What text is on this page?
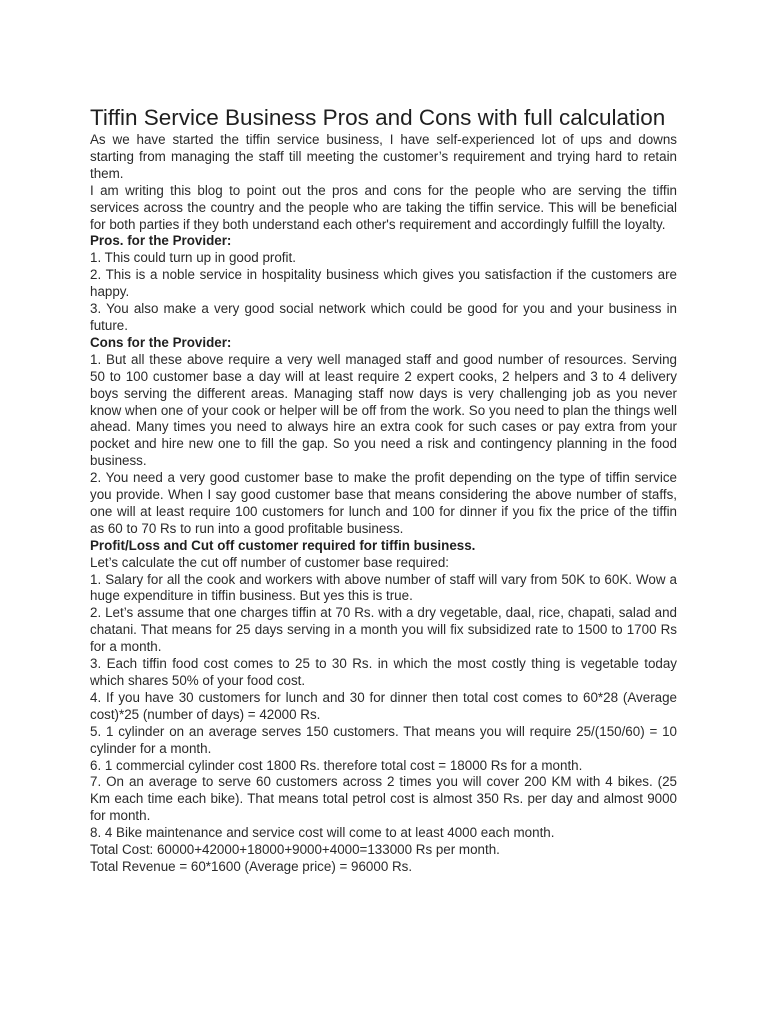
Tiffin Service Business Pros and Cons with full calculation

As we have started the tiffin service business, I have self-experienced lot of ups and downs starting from managing the staff till meeting the customer’s requirement and trying hard to retain them.

I am writing this blog to point out the pros and cons for the people who are serving the tiffin services across the country and the people who are taking the tiffin service. This will be beneficial for both parties if they both understand each other's requirement and accordingly fulfill the loyalty.

Pros. for the Provider:

1. This could turn up in good profit.

2. This is a noble service in hospitality business which gives you satisfaction if the customers are happy.

3. You also make a very good social network which could be good for you and your business in future.

Cons for the Provider:

1. But all these above require a very well managed staff and good number of resources. Serving 50 to 100 customer base a day will at least require 2 expert cooks, 2 helpers and 3 to 4 delivery boys serving the different areas. Managing staff now days is very challenging job as you never know when one of your cook or helper will be off from the work. So you need to plan the things well ahead. Many times you need to always hire an extra cook for such cases or pay extra from your pocket and hire new one to fill the gap. So you need a risk and contingency planning in the food business.

2. You need a very good customer base to make the profit depending on the type of tiffin service you provide. When I say good customer base that means considering the above number of staffs, one will at least require 100 customers for lunch and 100 for dinner if you fix the price of the tiffin as 60 to 70 Rs to run into a good profitable business.

Profit/Loss and Cut off customer required for tiffin business.

Let’s calculate the cut off number of customer base required:

1. Salary for all the cook and workers with above number of staff will vary from 50K to 60K. Wow a huge expenditure in tiffin business. But yes this is true.

2. Let’s assume that one charges tiffin at 70 Rs. with a dry vegetable, daal, rice, chapati, salad and chatani. That means for 25 days serving in a month you will fix subsidized rate to 1500 to 1700 Rs for a month.

3. Each tiffin food cost comes to 25 to 30 Rs. in which the most costly thing is vegetable today which shares 50% of your food cost.

4. If you have 30 customers for lunch and 30 for dinner then total cost comes to 60*28 (Average cost)*25 (number of days) = 42000 Rs.

5. 1 cylinder on an average serves 150 customers. That means you will require 25/(150/60) = 10 cylinder for a month.

6. 1 commercial cylinder cost 1800 Rs. therefore total cost = 18000 Rs for a month.

7. On an average to serve 60 customers across 2 times you will cover 200 KM with 4 bikes. (25 Km each time each bike). That means total petrol cost is almost 350 Rs. per day and almost 9000 for month.

8. 4 Bike maintenance and service cost will come to at least 4000 each month.

Total Cost: 60000+42000+18000+9000+4000=133000 Rs per month.

Total Revenue = 60*1600 (Average price) = 96000 Rs.
